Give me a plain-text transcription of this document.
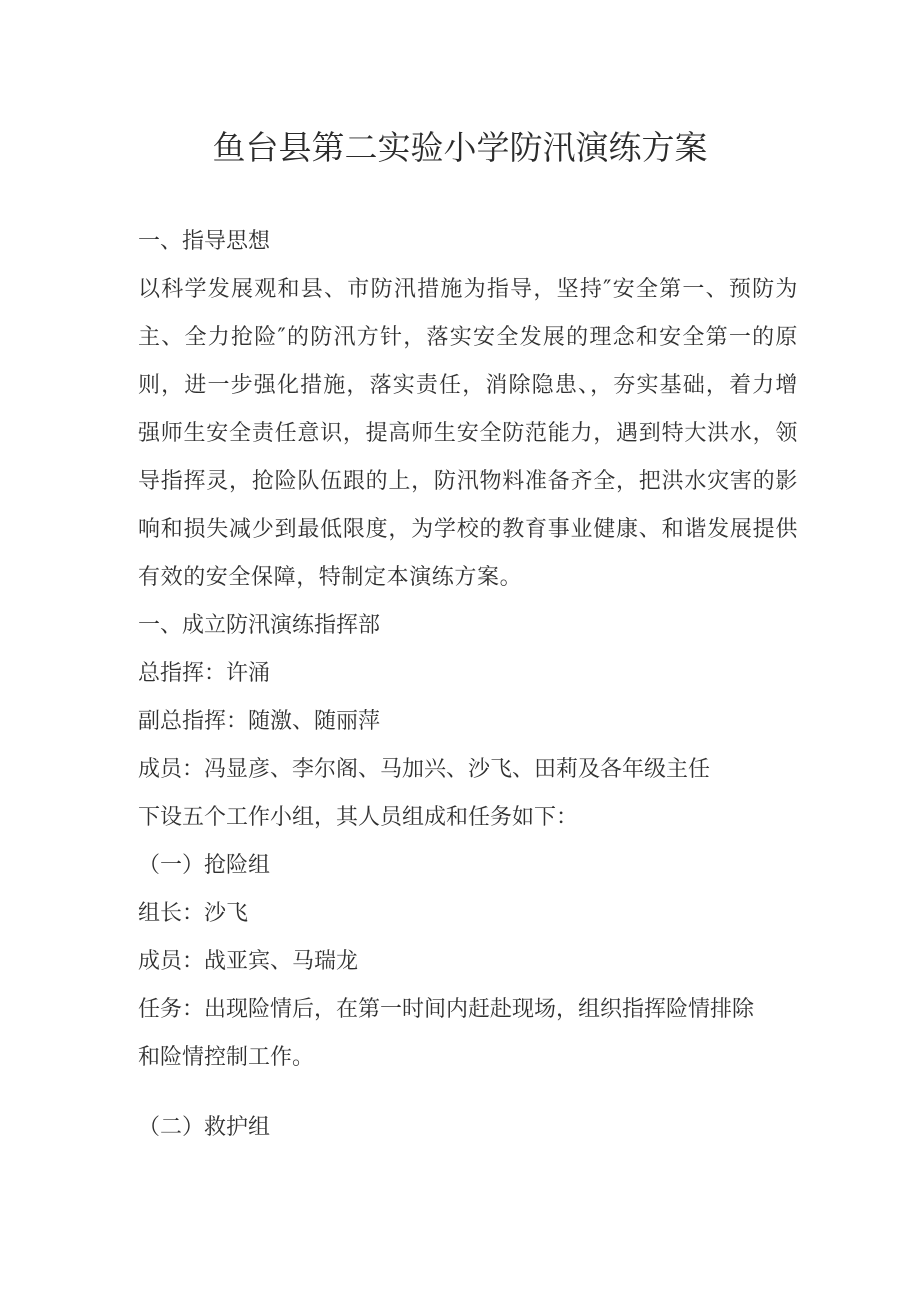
鱼台县第二实验小学防汛演练方案

一、指导思想

以科学发展观和县、市防汛措施为指导，坚持″安全第一、预防为主、全力抢险″的防汛方针，落实安全发展的理念和安全第一的原则，进一步强化措施，落实责任，消除隐患、，夯实基础，着力增强师生安全责任意识，提高师生安全防范能力，遇到特大洪水，领导指挥灵，抢险队伍跟的上，防汛物料准备齐全，把洪水灾害的影响和损失减少到最低限度，为学校的教育事业健康、和谐发展提供有效的安全保障，特制定本演练方案。

一、成立防汛演练指挥部

总指挥：许涌

副总指挥：随激、随丽萍

成员：冯显彦、李尔阁、马加兴、沙飞、田莉及各年级主任

下设五个工作小组，其人员组成和任务如下：

（一）抢险组

组长：沙飞

成员：战亚宾、马瑞龙

任务：出现险情后，在第一时间内赶赴现场，组织指挥险情排除和险情控制工作。

（二）救护组
